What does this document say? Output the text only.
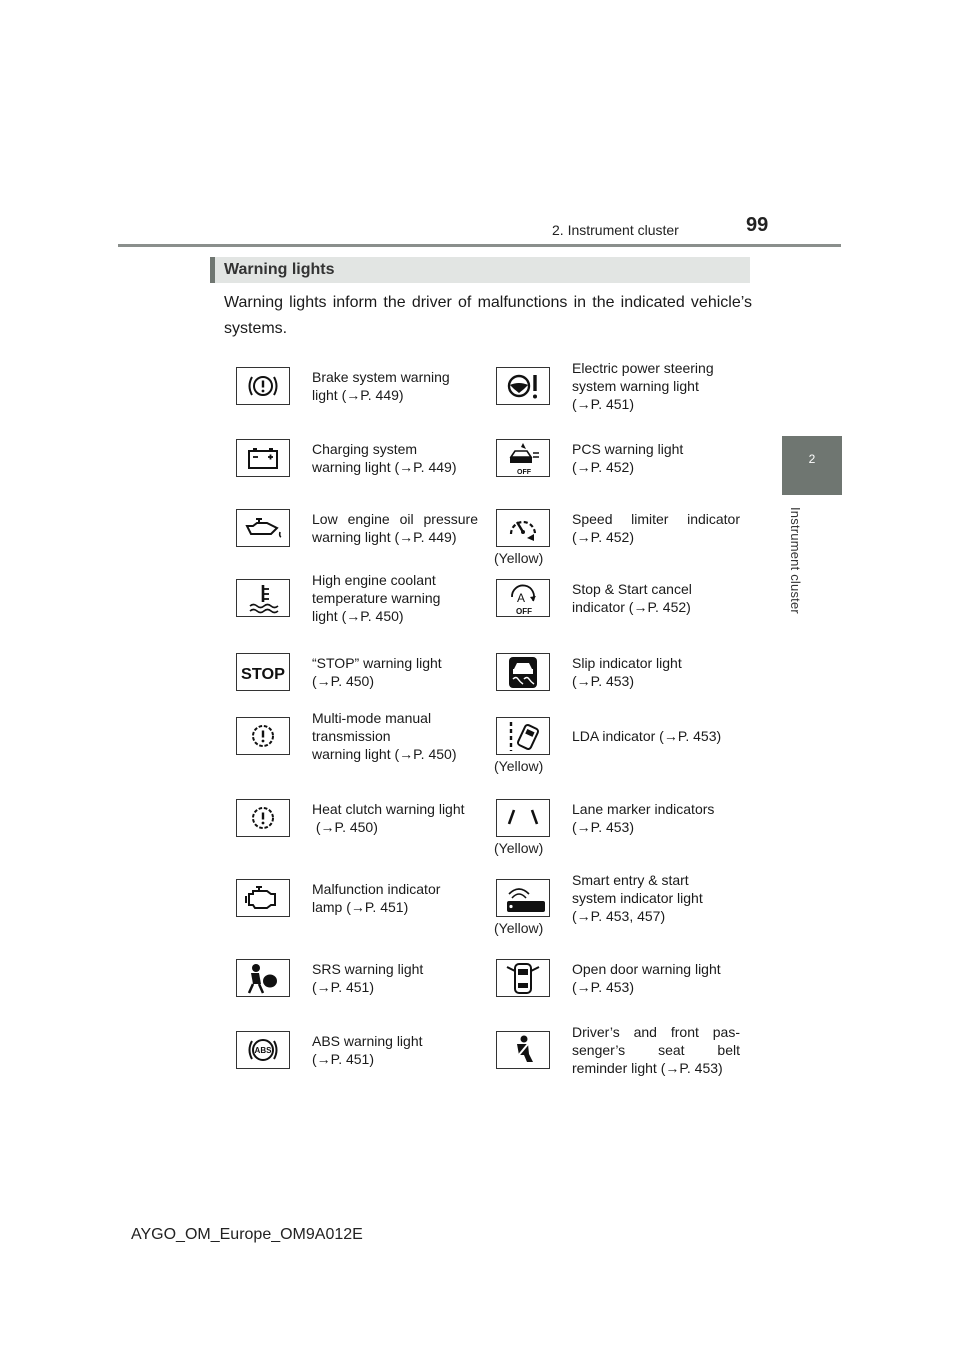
2. Instrument cluster	99
2
Instrument cluster
Warning lights
Warning lights inform the driver of malfunctions in the indicated vehicle’s systems.
Brake system warning
light (→P. 449)
Electric power steering
system warning light
(→P. 451)
Charging system
warning light (→P. 449)	OFF
PCS warning light
(→P. 452)
Low engine oil pressure
warning light (→P. 449)
(Yellow)
Speed limiter indicator
(→P. 452)
High engine coolant
temperature warning
light (→P. 450)
A
OFF
Stop & Start cancel
indicator (→P. 452)
STOP
“STOP” warning light
(→P. 450)
Slip indicator light
(→P. 453)
Multi-mode manual
transmission
warning light (→P. 450)
(Yellow)
LDA indicator (→P. 453)
Heat clutch warning light
(→P. 450)
(Yellow)
Lane marker indicators
(→P. 453)
Malfunction indicator
lamp (→P. 451)
(Yellow)
Smart entry & start
system indicator light
(→P. 453, 457)
SRS warning light
(→P. 451)
Open door warning light
(→P. 453)
ABS
ABS warning light
(→P. 451)
Driver’s and front pas-
senger’s seat belt
reminder light (→P. 453)
AYGO_OM_Europe_OM9A012E
